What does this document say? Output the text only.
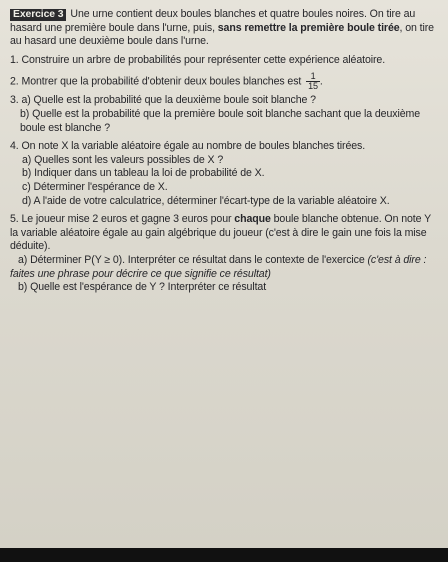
Exercice 3 Une urne contient deux boules blanches et quatre boules noires. On tire au hasard une première boule dans l'urne, puis, sans remettre la première boule tirée, on tire au hasard une deuxième boule dans l'urne.

1. Construire un arbre de probabilités pour représenter cette expérience aléatoire.

2. Montrer que la probabilité d'obtenir deux boules blanches est $\frac{1}{15}$ .

3. a) Quelle est la probabilité que la deuxième boule soit blanche ?

b) Quelle est la probabilité que la première boule soit blanche sachant que la deuxième boule est blanche ?

4. On note X la variable aléatoire égale au nombre de boules blanches tirées.

a) Quelles sont les valeurs possibles de X ?

b) Indiquer dans un tableau la loi de probabilité de X.

c) Déterminer l'espérance de X.

d) A l'aide de votre calculatrice, déterminer l'écart-type de la variable aléatoire X.

5. Le joueur mise 2 euros et gagne 3 euros pour chaque boule blanche obtenue. On note Y la variable aléatoire égale au gain algébrique du joueur (c'est à dire le gain une fois la mise déduite).

a) Déterminer P(Y ≥ 0). Interpréter ce résultat dans le contexte de l'exercice (c'est à dire : faites une phrase pour décrire ce que signifie ce résultat)

b) Quelle est l'espérance de Y ? Interpréter ce résultat
